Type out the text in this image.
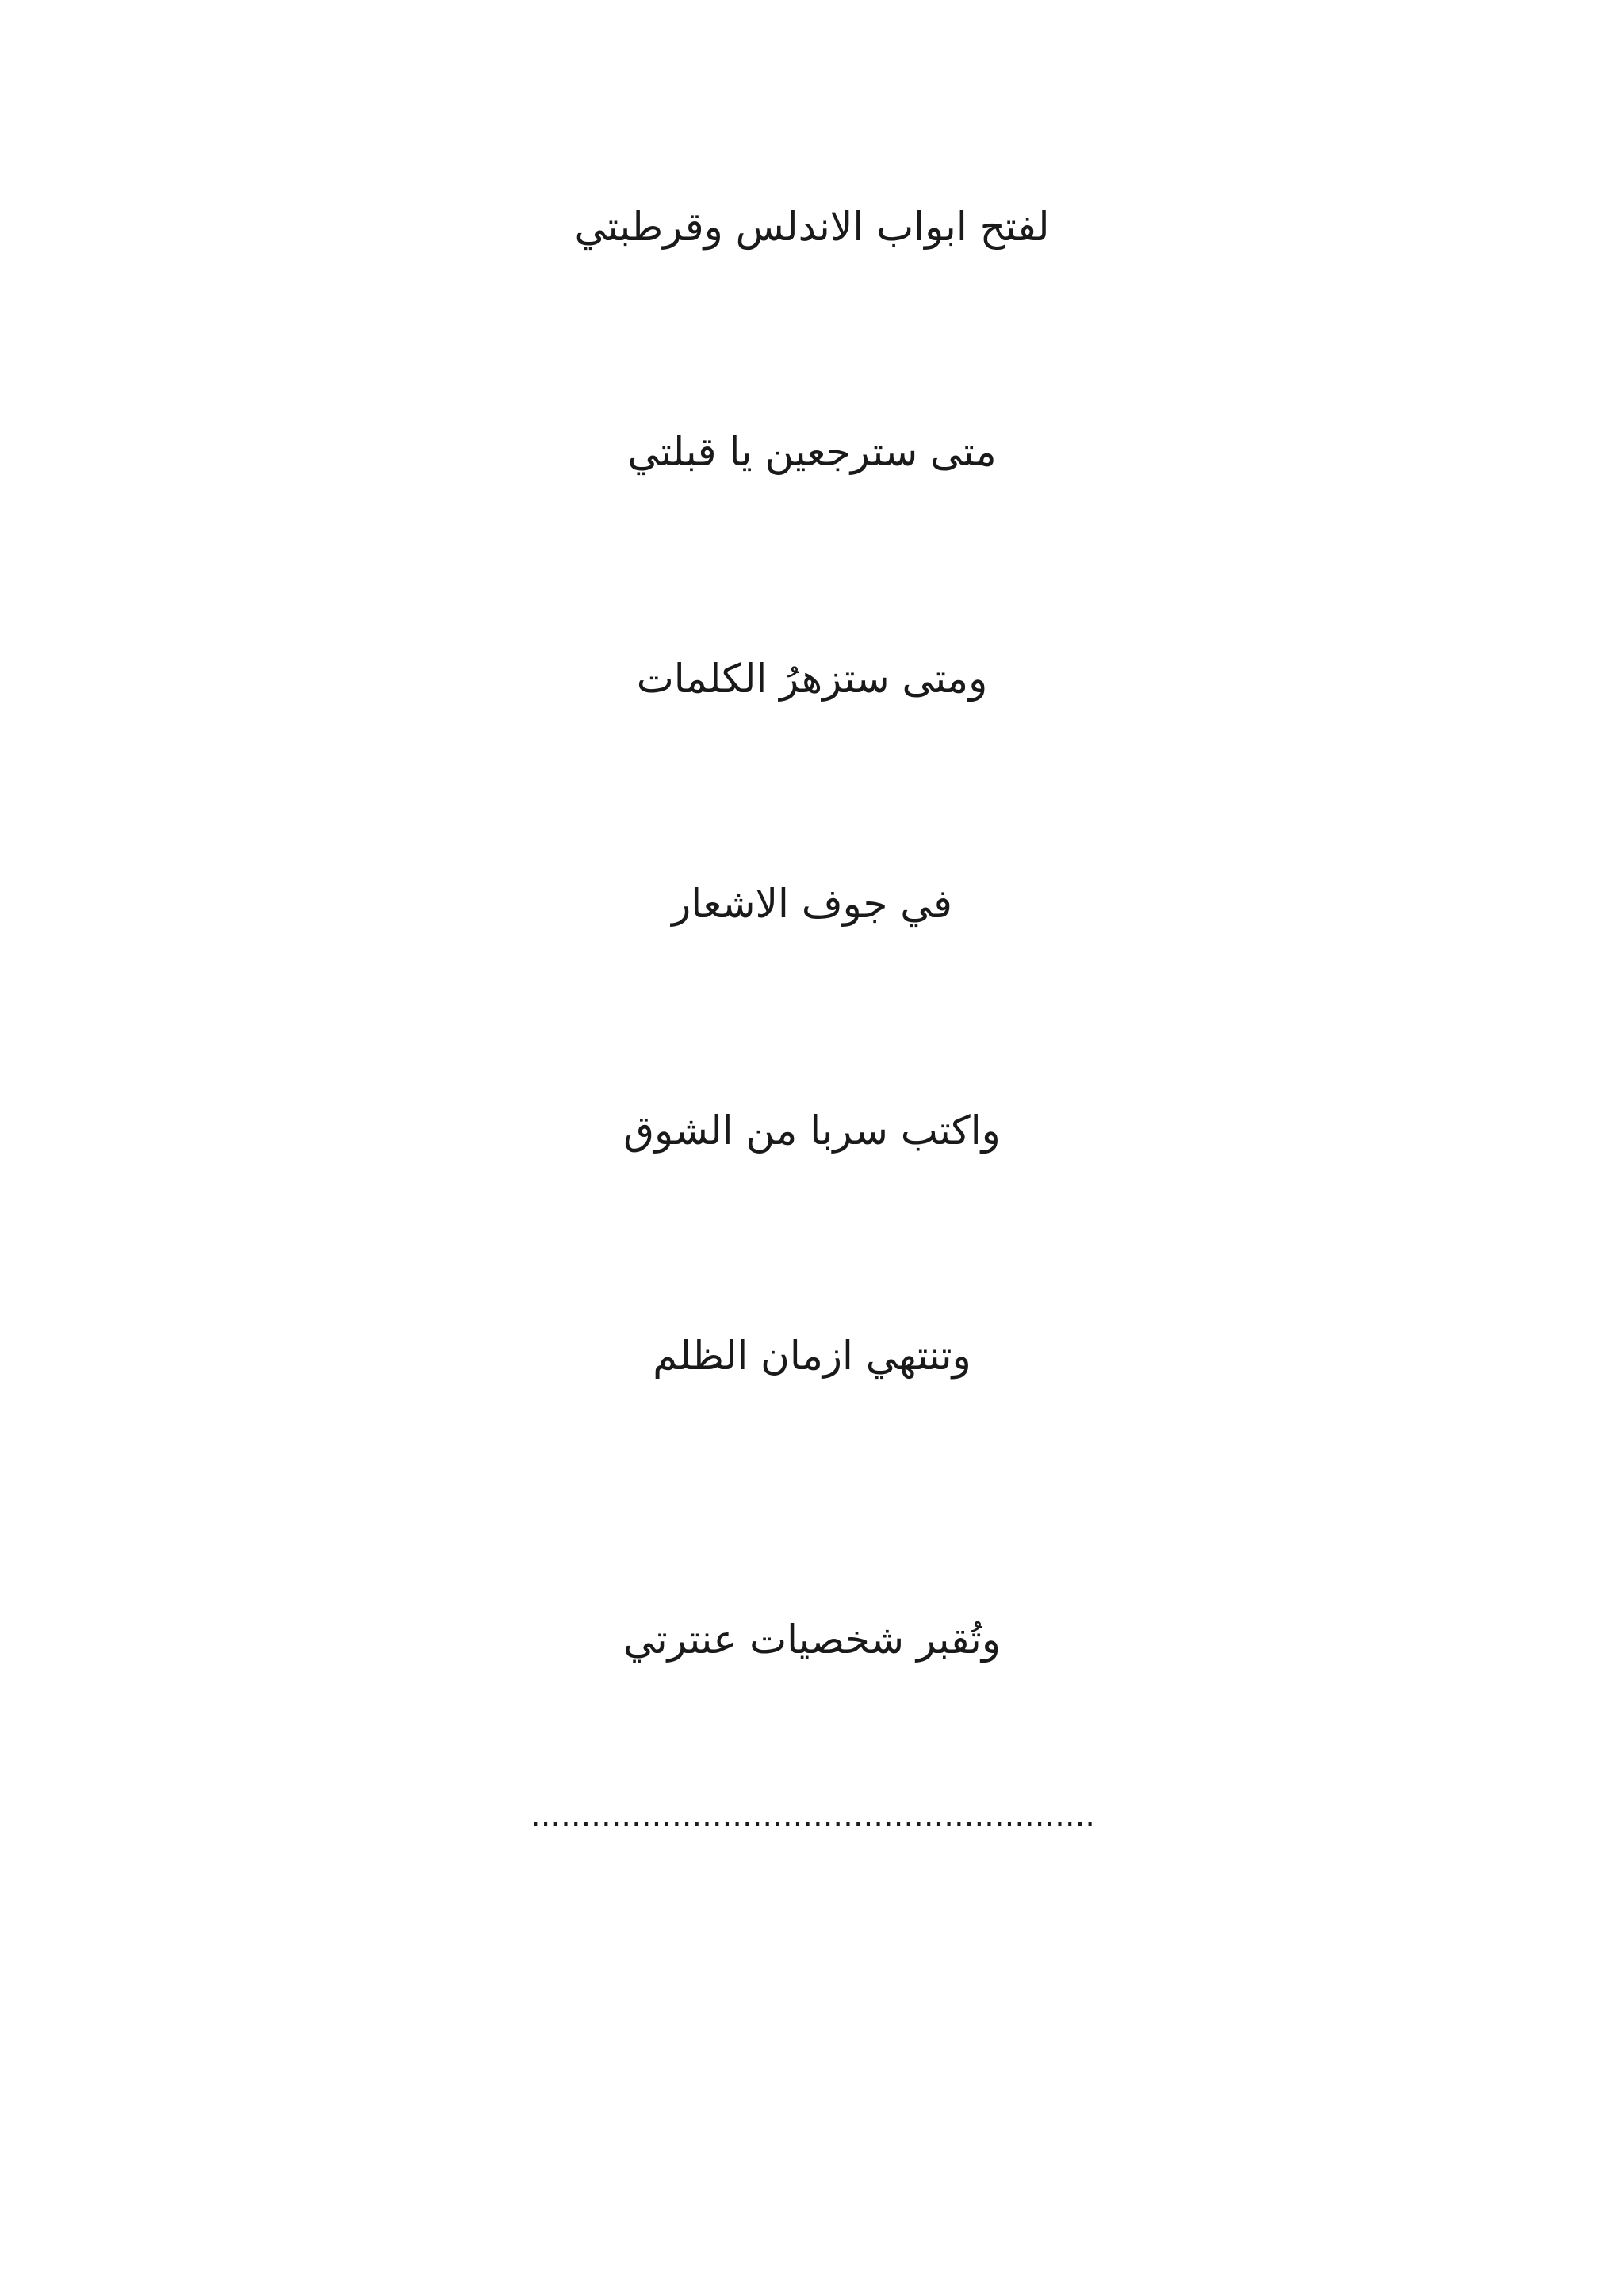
لفتح ابواب الاندلس وقرطبتي
متى سترجعين يا قبلتي
ومتى ستزهرُ الكلمات
في جوف الاشعار
واكتب سربا من الشوق
وتنتهي ازمان الظلم
وتُقبر شخصيات عنترتي
........................................................
